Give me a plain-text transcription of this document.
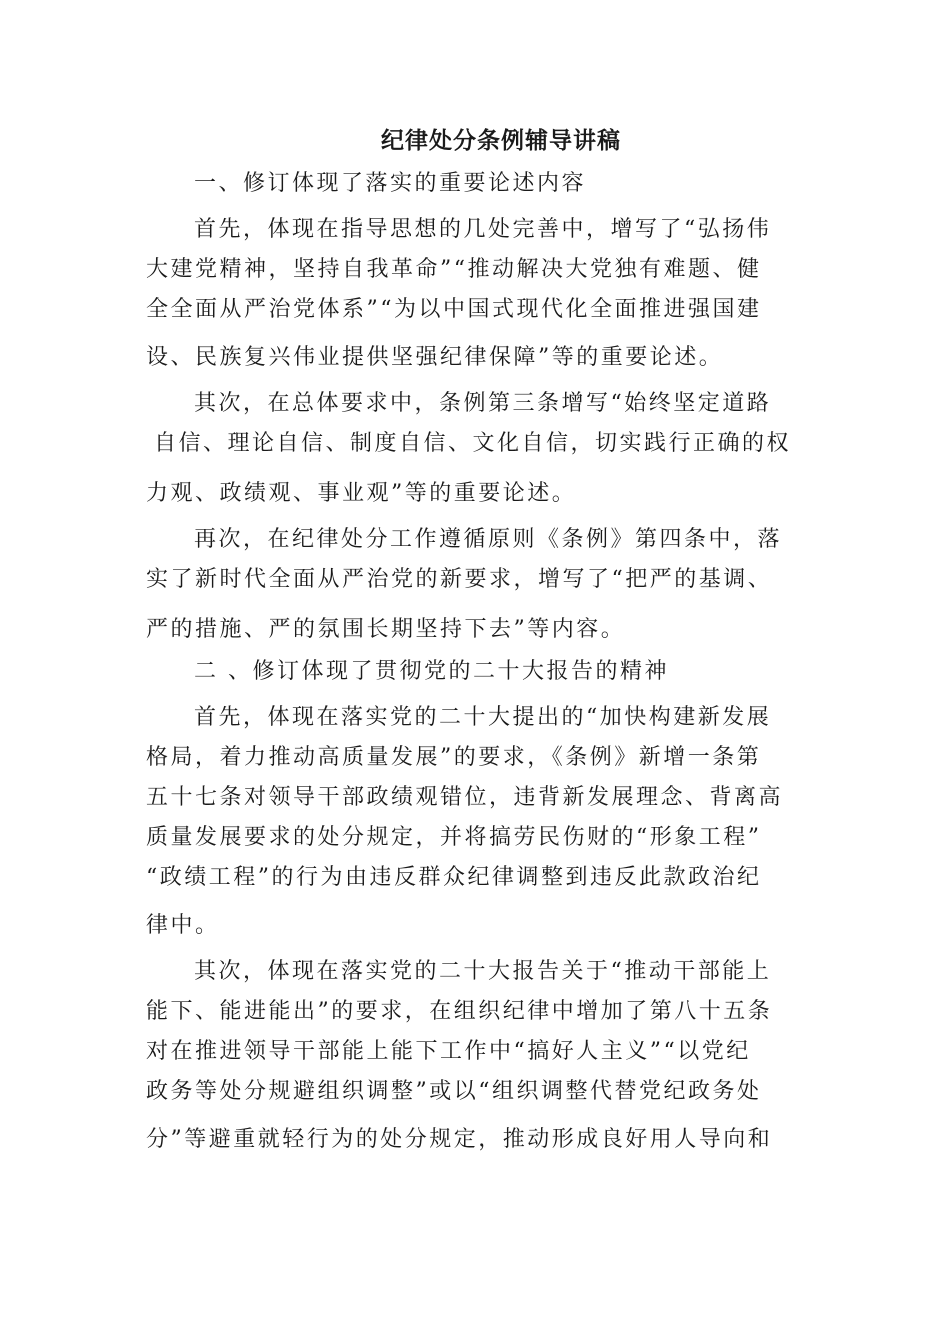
纪律处分条例辅导讲稿
一、修订体现了落实的重要论述内容
首先，体现在指导思想的几处完善中，增写了“弘扬伟
大建党精神，坚持自我革命”“推动解决大党独有难题、健
全全面从严治党体系”“为以中国式现代化全面推进强国建
设、民族复兴伟业提供坚强纪律保障”等的重要论述。
其次，在总体要求中，条例第三条增写“始终坚定道路
自信、理论自信、制度自信、文化自信，切实践行正确的权
力观、政绩观、事业观”等的重要论述。
再次，在纪律处分工作遵循原则《条例》第四条中，落
实了新时代全面从严治党的新要求，增写了“把严的基调、
严的措施、严的氛围长期坚持下去”等内容。
二 、修订体现了贯彻党的二十大报告的精神
首先，体现在落实党的二十大提出的“加快构建新发展
格局，着力推动高质量发展”的要求，《条例》新增一条第
五十七条对领导干部政绩观错位，违背新发展理念、背离高
质量发展要求的处分规定，并将搞劳民伤财的“形象工程”
“政绩工程”的行为由违反群众纪律调整到违反此款政治纪
律中。
其次，体现在落实党的二十大报告关于“推动干部能上
能下、能进能出”的要求，在组织纪律中增加了第八十五条
对在推进领导干部能上能下工作中“搞好人主义”“以党纪
政务等处分规避组织调整”或以“组织调整代替党纪政务处
分”等避重就轻行为的处分规定，推动形成良好用人导向和
